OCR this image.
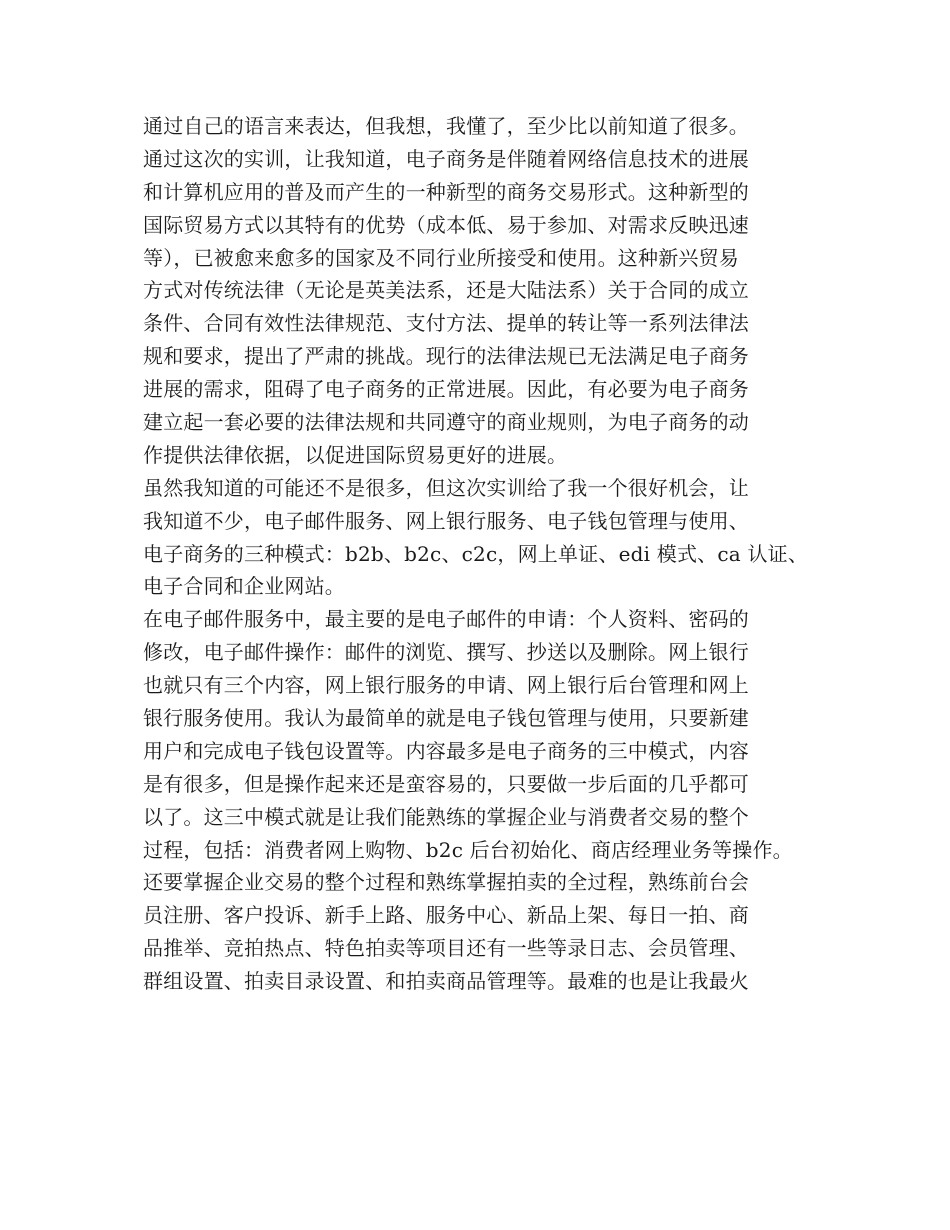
通过自己的语言来表达，但我想，我懂了，至少比以前知道了很多。
通过这次的实训，让我知道，电子商务是伴随着网络信息技术的进展
和计算机应用的普及而产生的一种新型的商务交易形式。这种新型的
国际贸易方式以其特有的优势（成本低、易于参加、对需求反映迅速
等），已被愈来愈多的国家及不同行业所接受和使用。这种新兴贸易
方式对传统法律（无论是英美法系，还是大陆法系）关于合同的成立
条件、合同有效性法律规范、支付方法、提单的转让等一系列法律法
规和要求，提出了严肃的挑战。现行的法律法规已无法满足电子商务
进展的需求，阻碍了电子商务的正常进展。因此，有必要为电子商务
建立起一套必要的法律法规和共同遵守的商业规则，为电子商务的动
作提供法律依据，以促进国际贸易更好的进展。
虽然我知道的可能还不是很多，但这次实训给了我一个很好机会，让
我知道不少，电子邮件服务、网上银行服务、电子钱包管理与使用、
电子商务的三种模式：b2b、b2c、c2c，网上单证、edi 模式、ca 认证、
电子合同和企业网站。
在电子邮件服务中，最主要的是电子邮件的申请：个人资料、密码的
修改，电子邮件操作：邮件的浏览、撰写、抄送以及删除。网上银行
也就只有三个内容，网上银行服务的申请、网上银行后台管理和网上
银行服务使用。我认为最简单的就是电子钱包管理与使用，只要新建
用户和完成电子钱包设置等。内容最多是电子商务的三中模式，内容
是有很多，但是操作起来还是蛮容易的，只要做一步后面的几乎都可
以了。这三中模式就是让我们能熟练的掌握企业与消费者交易的整个
过程，包括：消费者网上购物、b2c 后台初始化、商店经理业务等操作。
还要掌握企业交易的整个过程和熟练掌握拍卖的全过程，熟练前台会
员注册、客户投诉、新手上路、服务中心、新品上架、每日一拍、商
品推举、竞拍热点、特色拍卖等项目还有一些等录日志、会员管理、
群组设置、拍卖目录设置、和拍卖商品管理等。最难的也是让我最火
